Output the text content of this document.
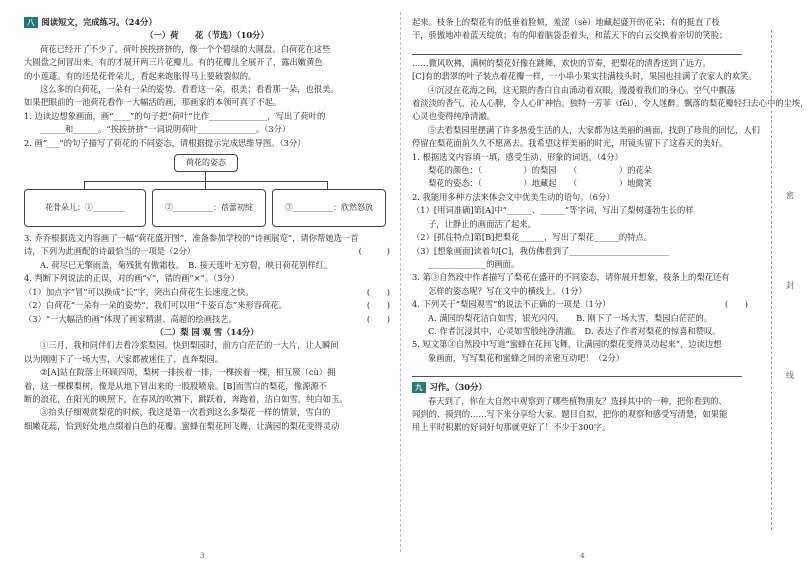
八 阅读短文，完成练习。（24分）
（一）荷　　花（节选）（10分）
荷花已经开了不少了。荷叶挨挨挤挤的，像一个个碧绿的大圆盘。白荷花在这些
大圆盘之间冒出来。有的才展开两三片花瓣儿。有的花瓣儿全展开了，露出嫩黄色
的小莲蓬。有的还是花骨朵儿，看起来饱胀得马上要破裂似的。
这么多的白荷花，一朵有一朵的姿势。看看这一朵，很美；看看那一朵，也很美。
如果把眼前的一池荷花看作一大幅活的画，那画家的本领可真了不起。
1. 边读边想象画面，画“____”的句子把“荷叶”比作______________，写出了荷叶的
______和______。“挨挨挤挤”一词说明荷叶______________。（3分）
2. 画“___”的句子描写了荷花的不同姿态，请根据提示完成思维导图。（3分）
荷花的姿态
花骨朵儿：①________	②__________：蓓蕾初绽	③__________：欣然怒放
3. 乔乔根据选文内容画了一幅“荷花盛开图”，准备参加学校的“诗画展览”，请你帮她选一首
诗，下列为此画配的诗最恰当的一项是（2分）	(　　　)
A. 荷尽已无擎雨盖，菊残犹有傲霜枝。　B. 接天莲叶无穷碧，映日荷花别样红。
4. 判断下列说法的正误，对的画“√”，错的画“×”。（3分）
（1）加点字“冒”可以换成“长”字，突出白荷花生长速度之快。	(　　)
（2）白荷花“一朵有一朵的姿势”，我们可以用“千姿百态”来形容荷花。	(　　)
（3）“一大幅活的画”体现了画家精湛、高超的绘画技艺。	(　　)
（二）梨 园 观 雪（14分）
①三月，我和同伴们去看冷浆梨园。快到梨园时，前方白茫茫的一大片，让人瞬间
以为刚刚下了一场大雪，大家都被迷住了，直奔梨园。
②[A]站在院落上环顾四周，梨树一排挨着一排，一棵挨着一棵，相互簇（cù）拥
着，这一棵棵梨树，像是从地下冒出来的一股股喷泉。[B]而雪白的梨花，像源源不
断的浪花，在阳光的映照下，在春风的吹拂下，跳跃着，奔跑着，洁白如雪，纯白如玉。
③抬头仔细观赏梨花的时候，我这是第一次看到这么多梨花一样的情景，雪白的
细嫩花蕊，恰到好处地点缀着白色的花瓣。蜜蜂在梨花间飞舞，让满园的梨花变得灵动
3
起来。枝条上的梨花有的低垂着脸颊，羞涩（sè）地藏起盛开的花朵；有的挺直了枝
干，骄傲地冲着蓝天绽放；有的仰着脑袋歪着头，和蓝天下的白云交换着亲切的笑脸；
……微风吹拂，满树的梨花好像在跳舞，欢快的节奏，把梨花的清香送到了远方。
[C]有的翡翠的叶子装点着花瓣一样，一小串小果实挂满枝头时，果园也挂满了农家人的欢笑。
④沉浸在花海之间，这无限的香白自由涌动着双眼，漫漫着我们的身心。空气中飘荡
着淡淡的香气，沁人心脾，令人心旷神怡。独特一芳菲（fēi），令人迷醉。飘落的梨花瓣轻扫去心中的尘埃，
心灵也变得纯净清澈。
⑤去看梨园里摆满了许多热爱生活的人，大家都为这美丽的画面，找到了珍贵的回忆，人们
停留在梨花面前久久不愿离去。我希望这样美丽的时光，用镜头留下了这春天的美好。
1. 根据选文内容填一填，感受生动、形象的词语。（4分）
梨花的颜色：（　　　　　）的梨园　　（　　　　　）的花朵
梨花的姿态：（　　　　　）地藏起　　（　　　　　）地微笑
2. 我能用多种方法来体会文中优美生动的语句。（6分）
（1）[用词准确]第[A]中“______、______”等字词，写出了梨树蓬勃生长的样
子，让静止的画面活了起来。
（2）[抓住特点]第[B]把梨花______，写出了梨花______的特点。
（3）[想象画面]读着句[C]，我仿佛看到了________________________
______________的画面。
3. 第③自然段中作者描写了梨花在盛开的不同姿态，请你展开想象，枝条上的梨花还有
怎样的姿态呢？写在文中的横线上。（1分）
4. 下列关于“梨园观雪”的说法不正确的一项是（1分）	(　　)
A. 满园的梨花洁白如雪，银光闪闪。　　B. 刚下了一场大雪，梨园白茫茫的。
C. 作者沉浸其中，心灵如雪般纯净清澈。　D. 表达了作者对梨花的惊喜和赞叹。
5. 短文第③自然段中写道“蜜蜂在花间飞舞，让满园的梨花变得灵动起来”，边读边想
象画面，写写梨花和蜜蜂之间的亲密互动吧！（2分）
九 习作。（30分）
春天到了，你在大自然中观察到了哪些植物朋友？选择其中的一种，把你看到的、
闻到的、摸到的……写下来分享给大家。题目自拟，把你的观察和感受写清楚，如果能
用上平时积累的好词好句那就更好了！不少于300字。
4
密
封
线
